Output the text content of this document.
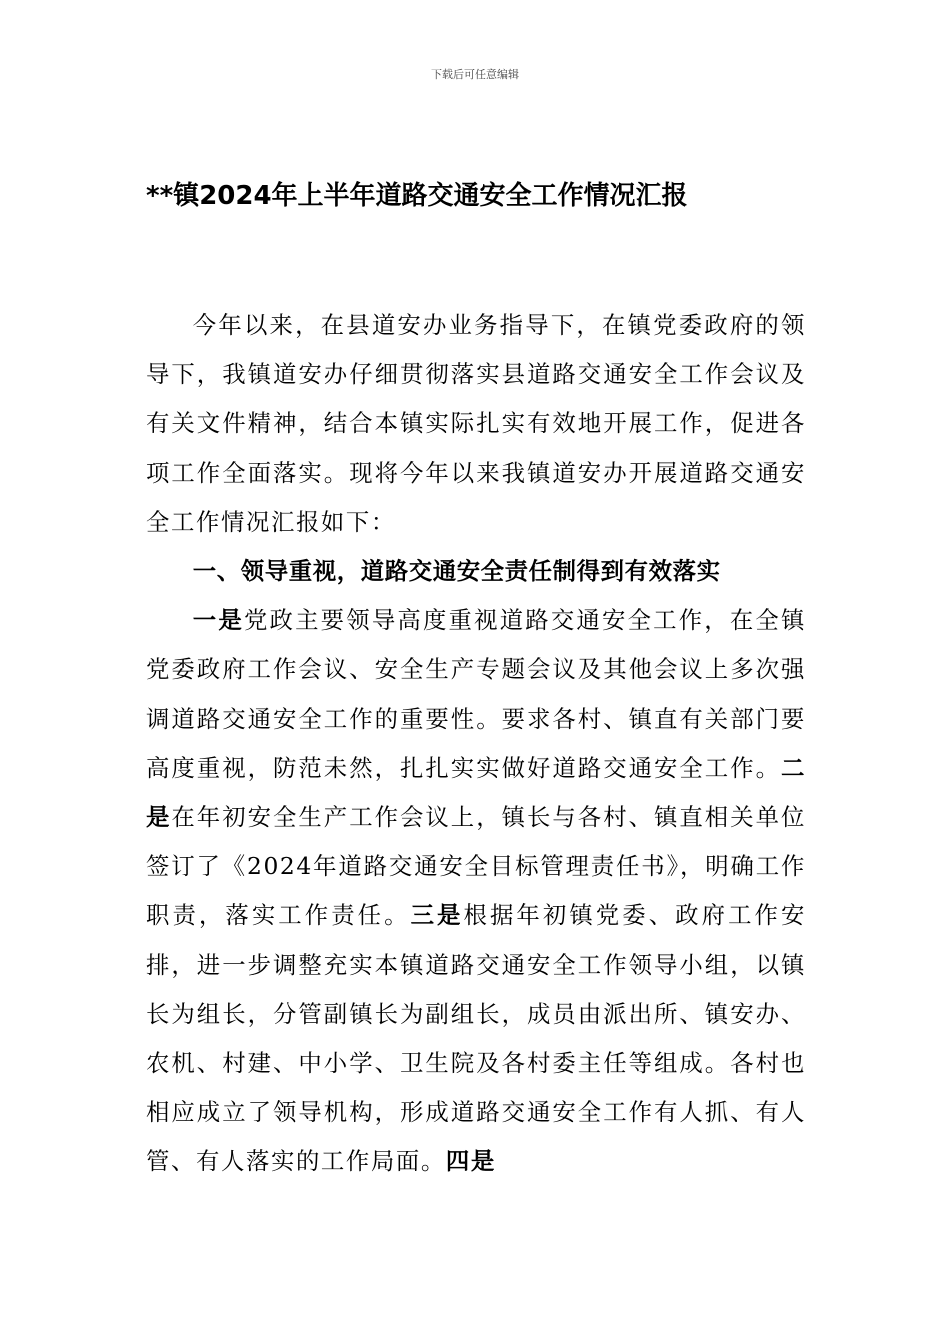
下载后可任意编辑
**镇2024年上半年道路交通安全工作情况汇报

今年以来，在县道安办业务指导下，在镇党委政府的领导下，我镇道安办仔细贯彻落实县道路交通安全工作会议及有关文件精神，结合本镇实际扎实有效地开展工作，促进各项工作全面落实。现将今年以来我镇道安办开展道路交通安全工作情况汇报如下：

一、领导重视，道路交通安全责任制得到有效落实

一是党政主要领导高度重视道路交通安全工作，在全镇党委政府工作会议、安全生产专题会议及其他会议上多次强调道路交通安全工作的重要性。要求各村、镇直有关部门要高度重视，防范未然，扎扎实实做好道路交通安全工作。二是在年初安全生产工作会议上，镇长与各村、镇直相关单位签订了《2024年道路交通安全目标管理责任书》，明确工作职责，落实工作责任。三是根据年初镇党委、政府工作安排，进一步调整充实本镇道路交通安全工作领导小组，以镇长为组长，分管副镇长为副组长，成员由派出所、镇安办、农机、村建、中小学、卫生院及各村委主任等组成。各村也相应成立了领导机构，形成道路交通安全工作有人抓、有人管、有人落实的工作局面。四是
